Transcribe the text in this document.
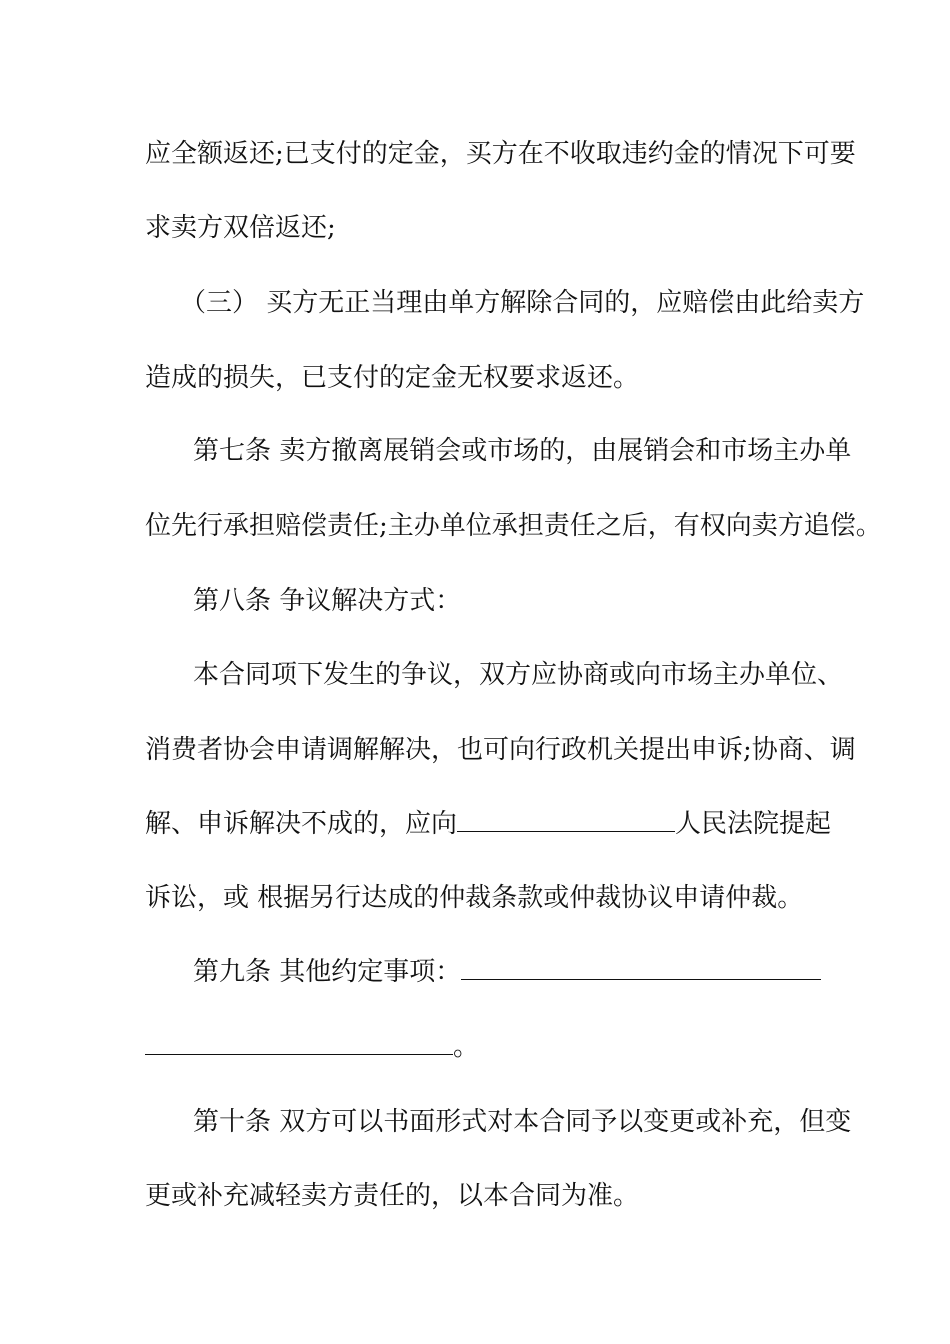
应全额返还;已支付的定金，买方在不收取违约金的情况下可要
求卖方双倍返还;
（三） 买方无正当理由单方解除合同的，应赔偿由此给卖方
造成的损失，已支付的定金无权要求返还。
第七条 卖方撤离展销会或市场的，由展销会和市场主办单
位先行承担赔偿责任;主办单位承担责任之后，有权向卖方追偿。
第八条 争议解决方式：
本合同项下发生的争议，双方应协商或向市场主办单位、
消费者协会申请调解解决，也可向行政机关提出申诉;协商、调
解、申诉解决不成的，应向	人民法院提起
诉讼，或 根据另行达成的仲裁条款或仲裁协议申请仲裁。
第九条 其他约定事项：
。
第十条 双方可以书面形式对本合同予以变更或补充，但变
更或补充减轻卖方责任的，以本合同为准。
